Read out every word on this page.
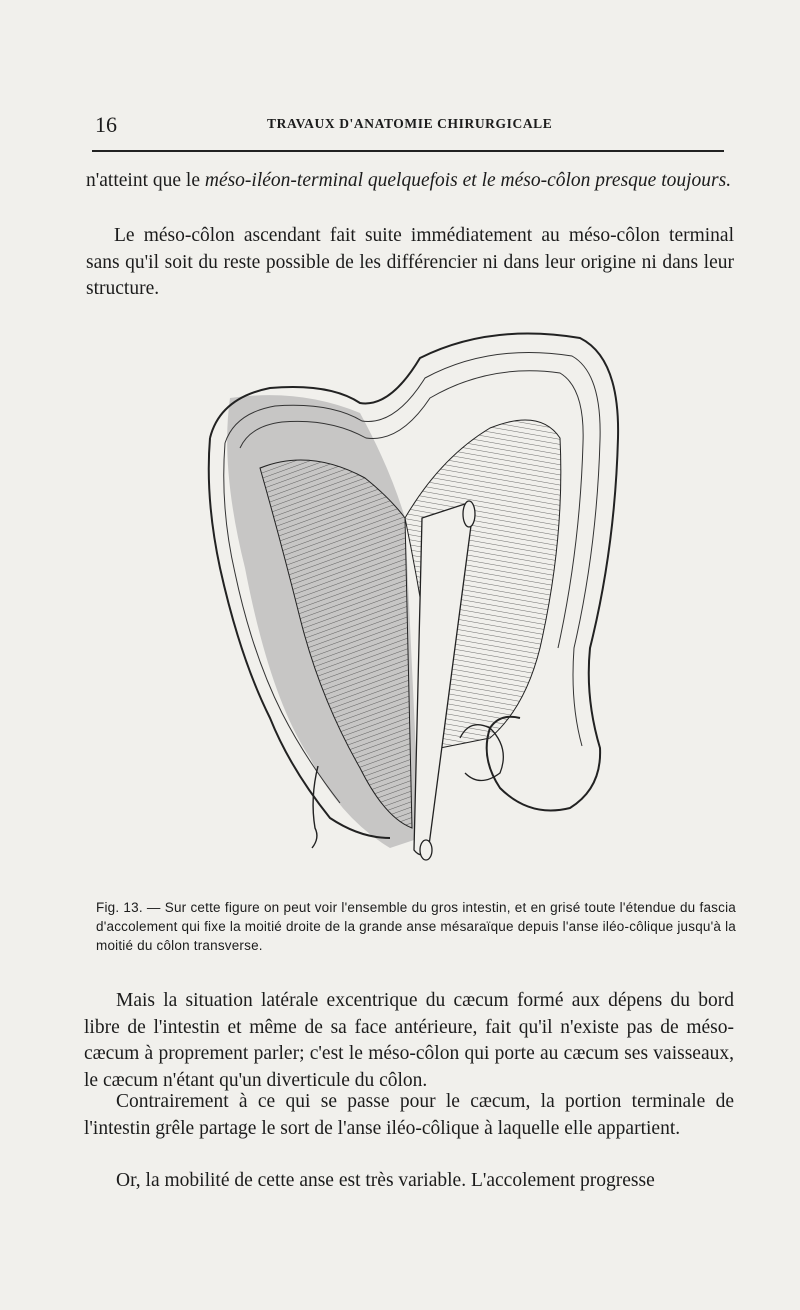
16	TRAVAUX D'ANATOMIE CHIRURGICALE

n'atteint que le méso-iléon-terminal quelquefois et le méso-côlon presque toujours.

Le méso-côlon ascendant fait suite immédiatement au méso-côlon terminal sans qu'il soit du reste possible de les différencier ni dans leur origine ni dans leur structure.

Fig. 13. — Sur cette figure on peut voir l'ensemble du gros intestin, et en grisé toute l'étendue du fascia d'accolement qui fixe la moitié droite de la grande anse mésaraïque depuis l'anse iléo-côlique jusqu'à la moitié du côlon transverse.

Mais la situation latérale excentrique du cæcum formé aux dépens du bord libre de l'intestin et même de sa face antérieure, fait qu'il n'existe pas de méso-cæcum à proprement parler; c'est le méso-côlon qui porte au cæcum ses vaisseaux, le cæcum n'étant qu'un diverticule du côlon.

Contrairement à ce qui se passe pour le cæcum, la portion terminale de l'intestin grêle partage le sort de l'anse iléo-côlique à laquelle elle appartient.

Or, la mobilité de cette anse est très variable. L'accolement progresse
